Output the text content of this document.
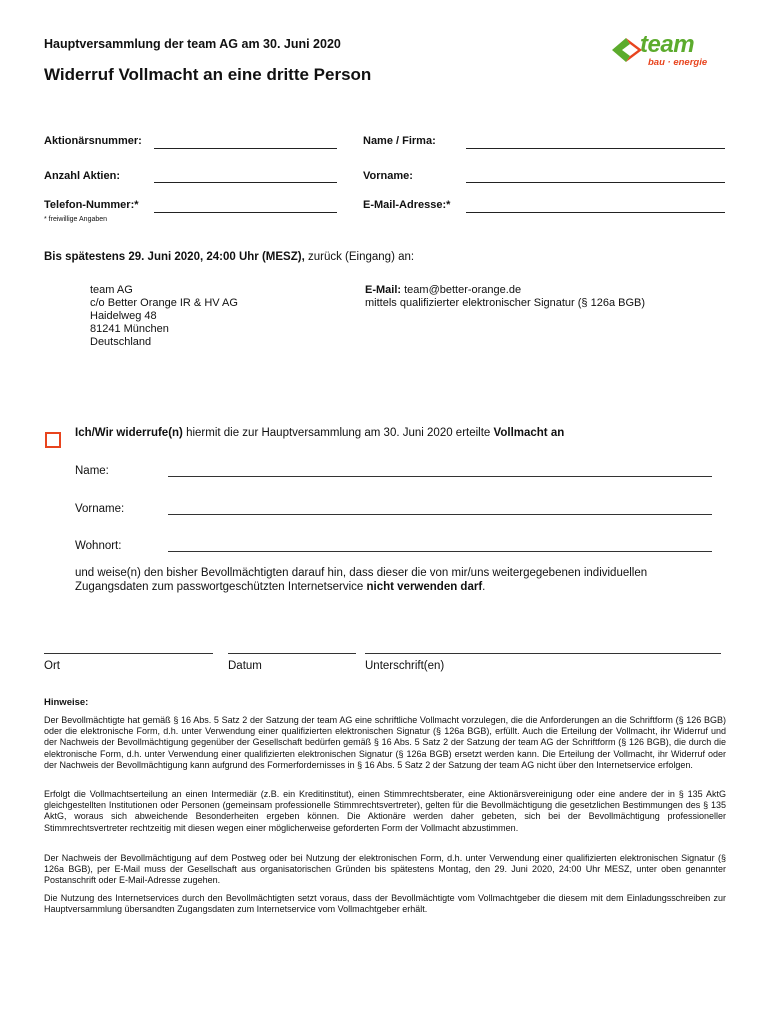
Hauptversammlung der team AG am 30. Juni 2020
Widerruf Vollmacht an eine dritte Person
team
bau · energie
Aktionärsnummer:	Name / Firma:
Anzahl Aktien:	Vorname:
Telefon-Nummer:*	E-Mail-Adresse:*
* freiwillige Angaben
Bis spätestens 29. Juni 2020, 24:00 Uhr (MESZ), zurück (Eingang) an:
team AG
c/o Better Orange IR & HV AG
Haidelweg 48
81241 München
Deutschland
E-Mail: team@better-orange.de
mittels qualifizierter elektronischer Signatur (§ 126a BGB)
Ich/Wir widerrufe(n) hiermit die zur Hauptversammlung am 30. Juni 2020 erteilte Vollmacht an
Name:
Vorname:
Wohnort:
und weise(n) den bisher Bevollmächtigten darauf hin, dass dieser die von mir/uns weitergegebenen individuellen Zugangsdaten zum passwortgeschützten Internetservice nicht verwenden darf.
Ort	Datum	Unterschrift(en)
Hinweise:
Der Bevollmächtigte hat gemäß § 16 Abs. 5 Satz 2 der Satzung der team AG eine schriftliche Vollmacht vorzulegen, die die Anforderungen an die Schriftform (§ 126 BGB) oder die elektronische Form, d.h. unter Verwendung einer qualifizierten elektronischen Signatur (§ 126a BGB), erfüllt. Auch die Erteilung der Vollmacht, ihr Widerruf und der Nachweis der Bevollmächtigung gegenüber der Gesellschaft bedürfen gemäß § 16 Abs. 5 Satz 2 der Satzung der team AG der Schriftform (§ 126 BGB), die durch die elektronische Form, d.h. unter Verwendung einer qualifizierten elektronischen Signatur (§ 126a BGB) ersetzt werden kann. Die Erteilung der Vollmacht, ihr Widerruf oder der Nachweis der Bevollmächtigung kann aufgrund des Formerfordernisses in § 16 Abs. 5 Satz 2 der Satzung der team AG nicht über den Internetservice erfolgen.
Erfolgt die Vollmachtserteilung an einen Intermediär (z.B. ein Kreditinstitut), einen Stimmrechtsberater, eine Aktionärsvereinigung oder eine andere der in § 135 AktG gleichgestellten Institutionen oder Personen (gemeinsam professionelle Stimmrechtsvertreter), gelten für die Bevollmächtigung die gesetzlichen Bestimmungen des § 135 AktG, woraus sich abweichende Besonderheiten ergeben können. Die Aktionäre werden daher gebeten, sich bei der Bevollmächtigung professioneller Stimmrechtsvertreter rechtzeitig mit diesen wegen einer möglicherweise geforderten Form der Vollmacht abzustimmen.
Der Nachweis der Bevollmächtigung auf dem Postweg oder bei Nutzung der elektronischen Form, d.h. unter Verwendung einer qualifizierten elektronischen Signatur (§ 126a BGB), per E-Mail muss der Gesellschaft aus organisatorischen Gründen bis spätestens Montag, den 29. Juni 2020, 24:00 Uhr MESZ, unter oben genannter Postanschrift oder E-Mail-Adresse zugehen.
Die Nutzung des Internetservices durch den Bevollmächtigten setzt voraus, dass der Bevollmächtigte vom Vollmachtgeber die diesem mit dem Einladungsschreiben zur Hauptversammlung übersandten Zugangsdaten zum Internetservice vom Vollmachtgeber erhält.
